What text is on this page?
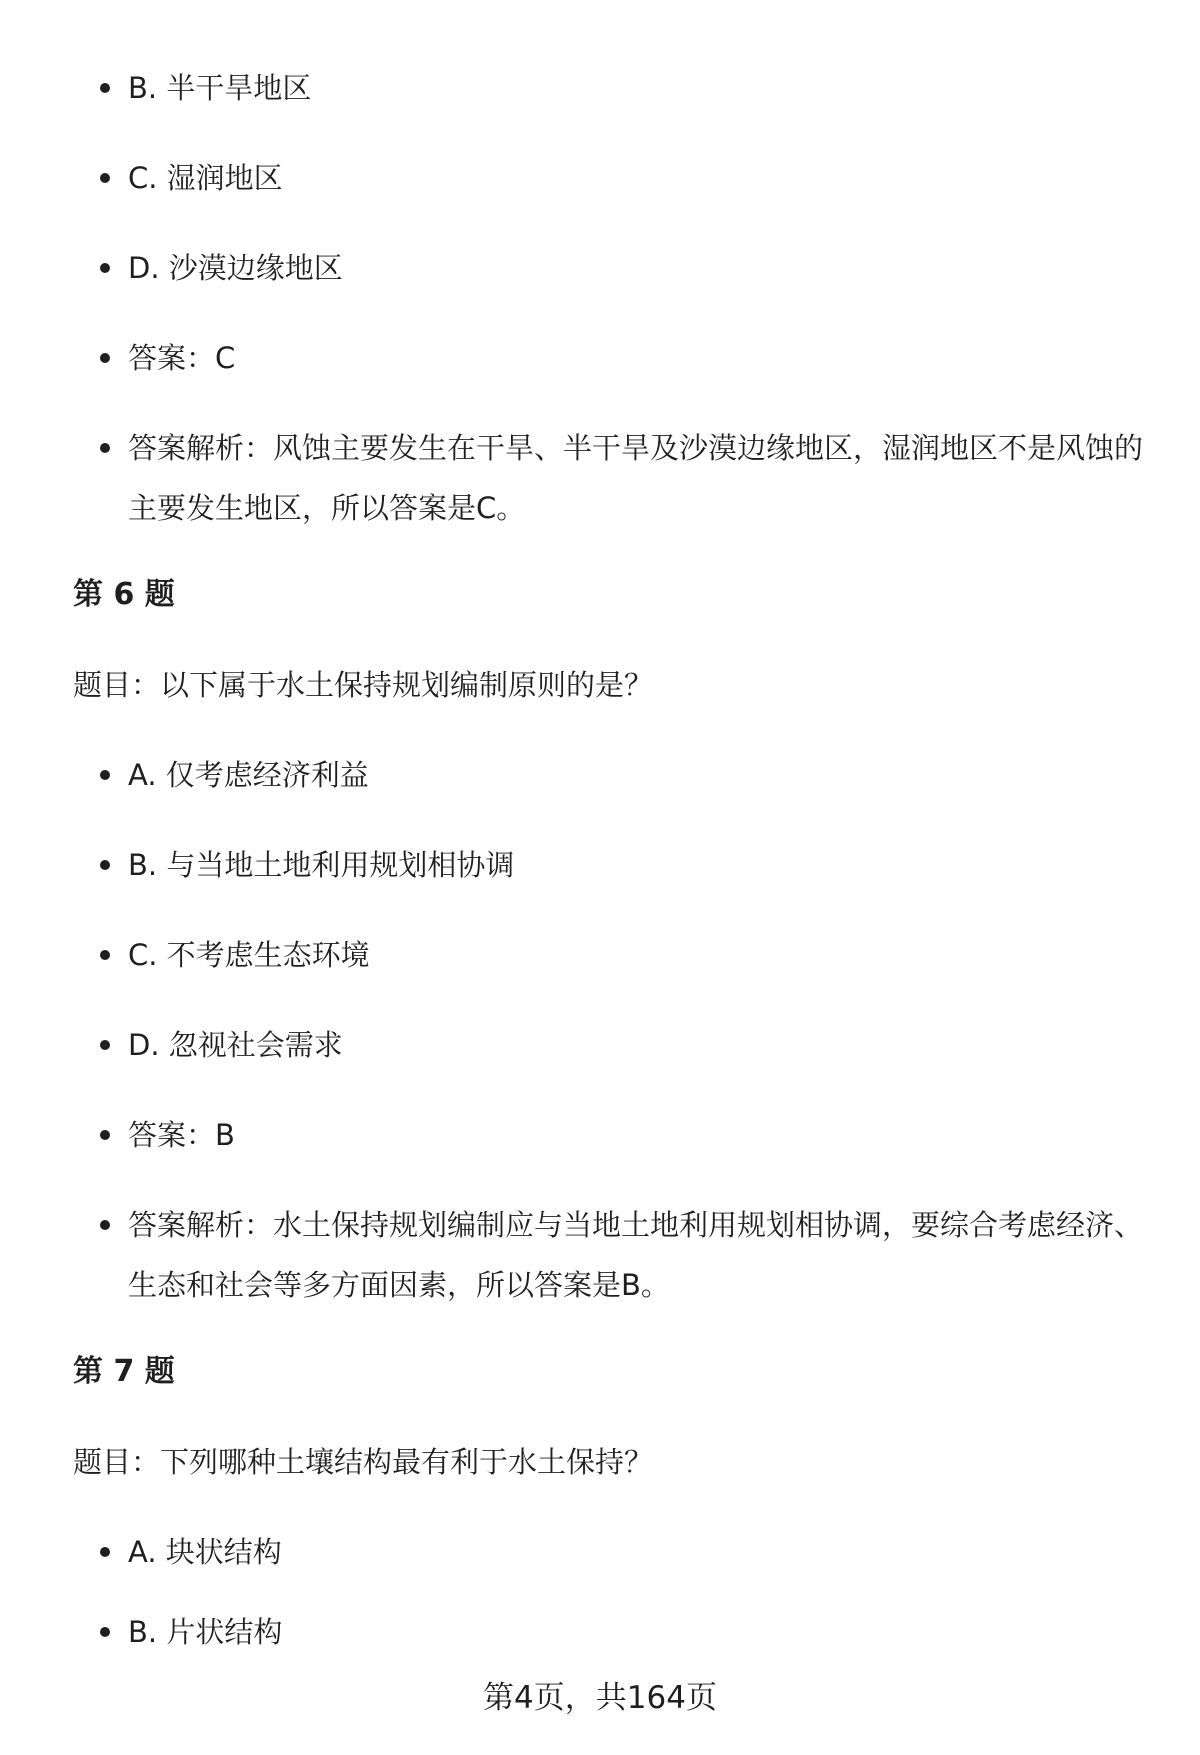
B. 半干旱地区
C. 湿润地区
D. 沙漠边缘地区
答案：C
答案解析：风蚀主要发生在干旱、半干旱及沙漠边缘地区，湿润地区不是风蚀的主要发生地区，所以答案是C。
第 6 题
题目：以下属于水土保持规划编制原则的是？
A. 仅考虑经济利益
B. 与当地土地利用规划相协调
C. 不考虑生态环境
D. 忽视社会需求
答案：B
答案解析：水土保持规划编制应与当地土地利用规划相协调，要综合考虑经济、生态和社会等多方面因素，所以答案是B。
第 7 题
题目：下列哪种土壤结构最有利于水土保持？
A. 块状结构
B. 片状结构
第4页，共164页
